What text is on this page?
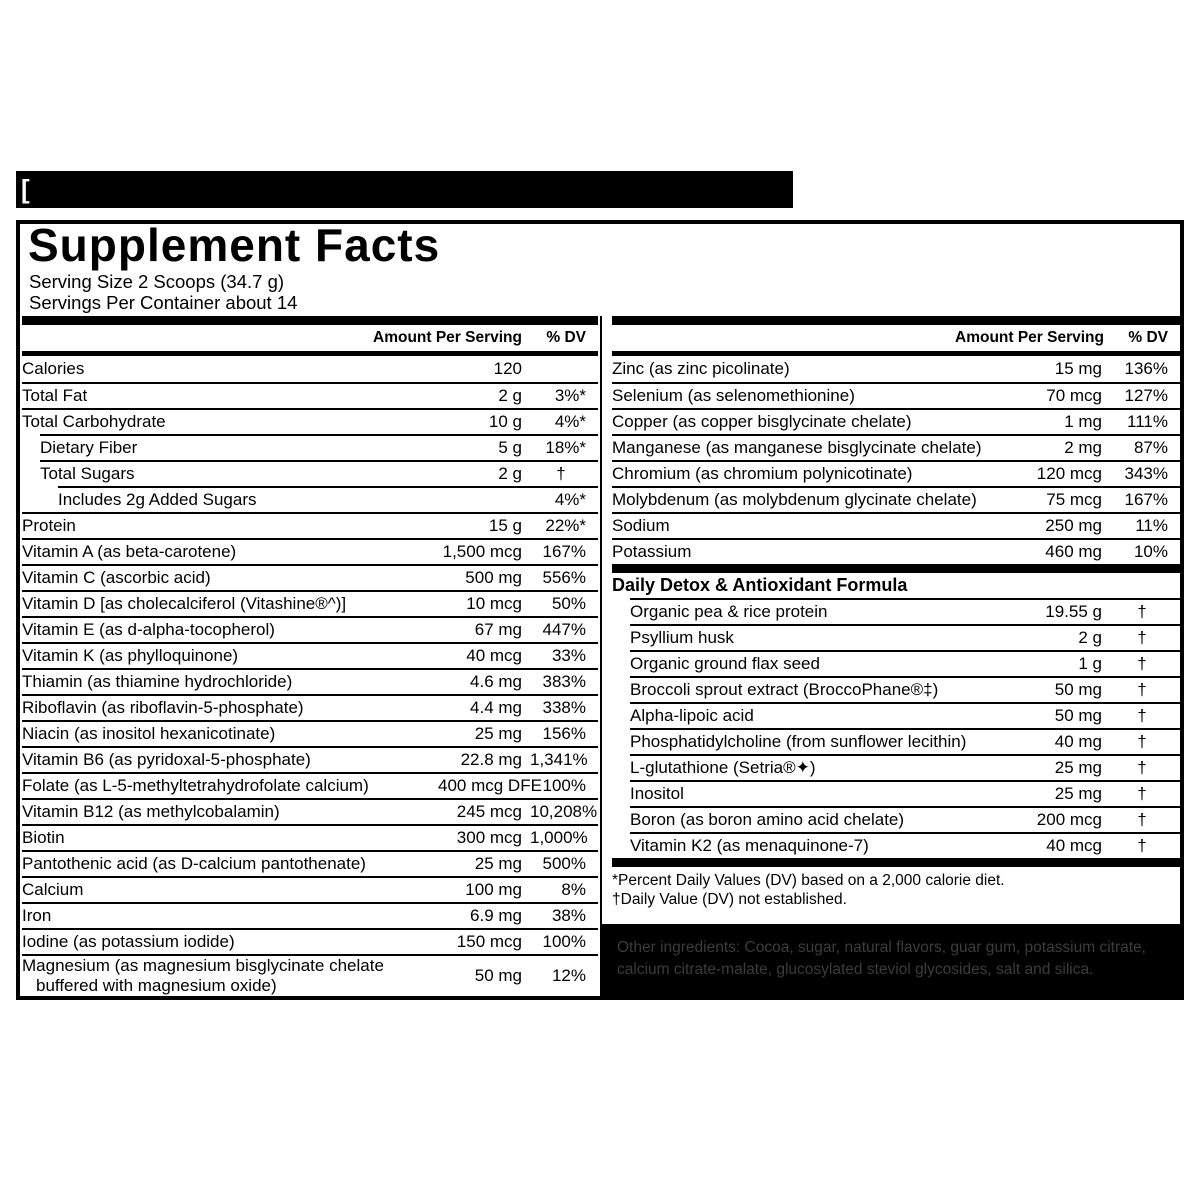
[
Supplement Facts
Serving Size 2 Scoops (34.7 g)
Servings Per Container about 14
Amount Per Serving	% DV
Calories	120
Total Fat	2 g	3%*
Total Carbohydrate	10 g	4%*
Dietary Fiber	5 g	18%*
Total Sugars	2 g	†
Includes 2g Added Sugars	4%*
Protein	15 g	22%*
Vitamin A (as beta-carotene)	1,500 mcg	167%
Vitamin C (ascorbic acid)	500 mg	556%
Vitamin D [as cholecalciferol (Vitashine®^)]	10 mcg	50%
Vitamin E (as d-alpha-tocopherol)	67 mg	447%
Vitamin K (as phylloquinone)	40 mcg	33%
Thiamin (as thiamine hydrochloride)	4.6 mg	383%
Riboflavin (as riboflavin-5-phosphate)	4.4 mg	338%
Niacin (as inositol hexanicotinate)	25 mg	156%
Vitamin B6 (as pyridoxal-5-phosphate)	22.8 mg 1,341%
Folate (as L-5-methyltetrahydrofolate calcium)	400 mcg DFE 100%
Vitamin B12 (as methylcobalamin)	245 mcg 10,208%
Biotin	300 mcg 1,000%
Pantothenic acid (as D-calcium pantothenate)	25 mg	500%
Calcium	100 mg	8%
Iron	6.9 mg	38%
Iodine (as potassium iodide)	150 mcg	100%
Magnesium (as magnesium bisglycinate chelate buffered with magnesium oxide)
50 mg	12%
Amount Per Serving	% DV
Zinc (as zinc picolinate)	15 mg	136%
Selenium (as selenomethionine)	70 mcg	127%
Copper (as copper bisglycinate chelate)	1 mg	111%
Manganese (as manganese bisglycinate chelate)	2 mg	87%
Chromium (as chromium polynicotinate)	120 mcg	343%
Molybdenum (as molybdenum glycinate chelate)	75 mcg	167%
Sodium	250 mg	11%
Potassium	460 mg	10%
Daily Detox & Antioxidant Formula
Organic pea & rice protein	19.55 g	†
Psyllium husk	2 g	†
Organic ground flax seed	1 g	†
Broccoli sprout extract (BroccoPhane®‡)	50 mg	†
Alpha-lipoic acid	50 mg	†
Phosphatidylcholine (from sunflower lecithin)	40 mg	†
L-glutathione (Setria®✦)	25 mg	†
Inositol	25 mg	†
Boron (as boron amino acid chelate)	200 mcg	†
Vitamin K2 (as menaquinone-7)	40 mcg	†
*Percent Daily Values (DV) based on a 2,000 calorie diet.
†Daily Value (DV) not established.
Other ingredients: Cocoa, sugar, natural flavors, guar gum, potassium citrate, calcium citrate-malate, glucosylated steviol glycosides, salt and silica.
